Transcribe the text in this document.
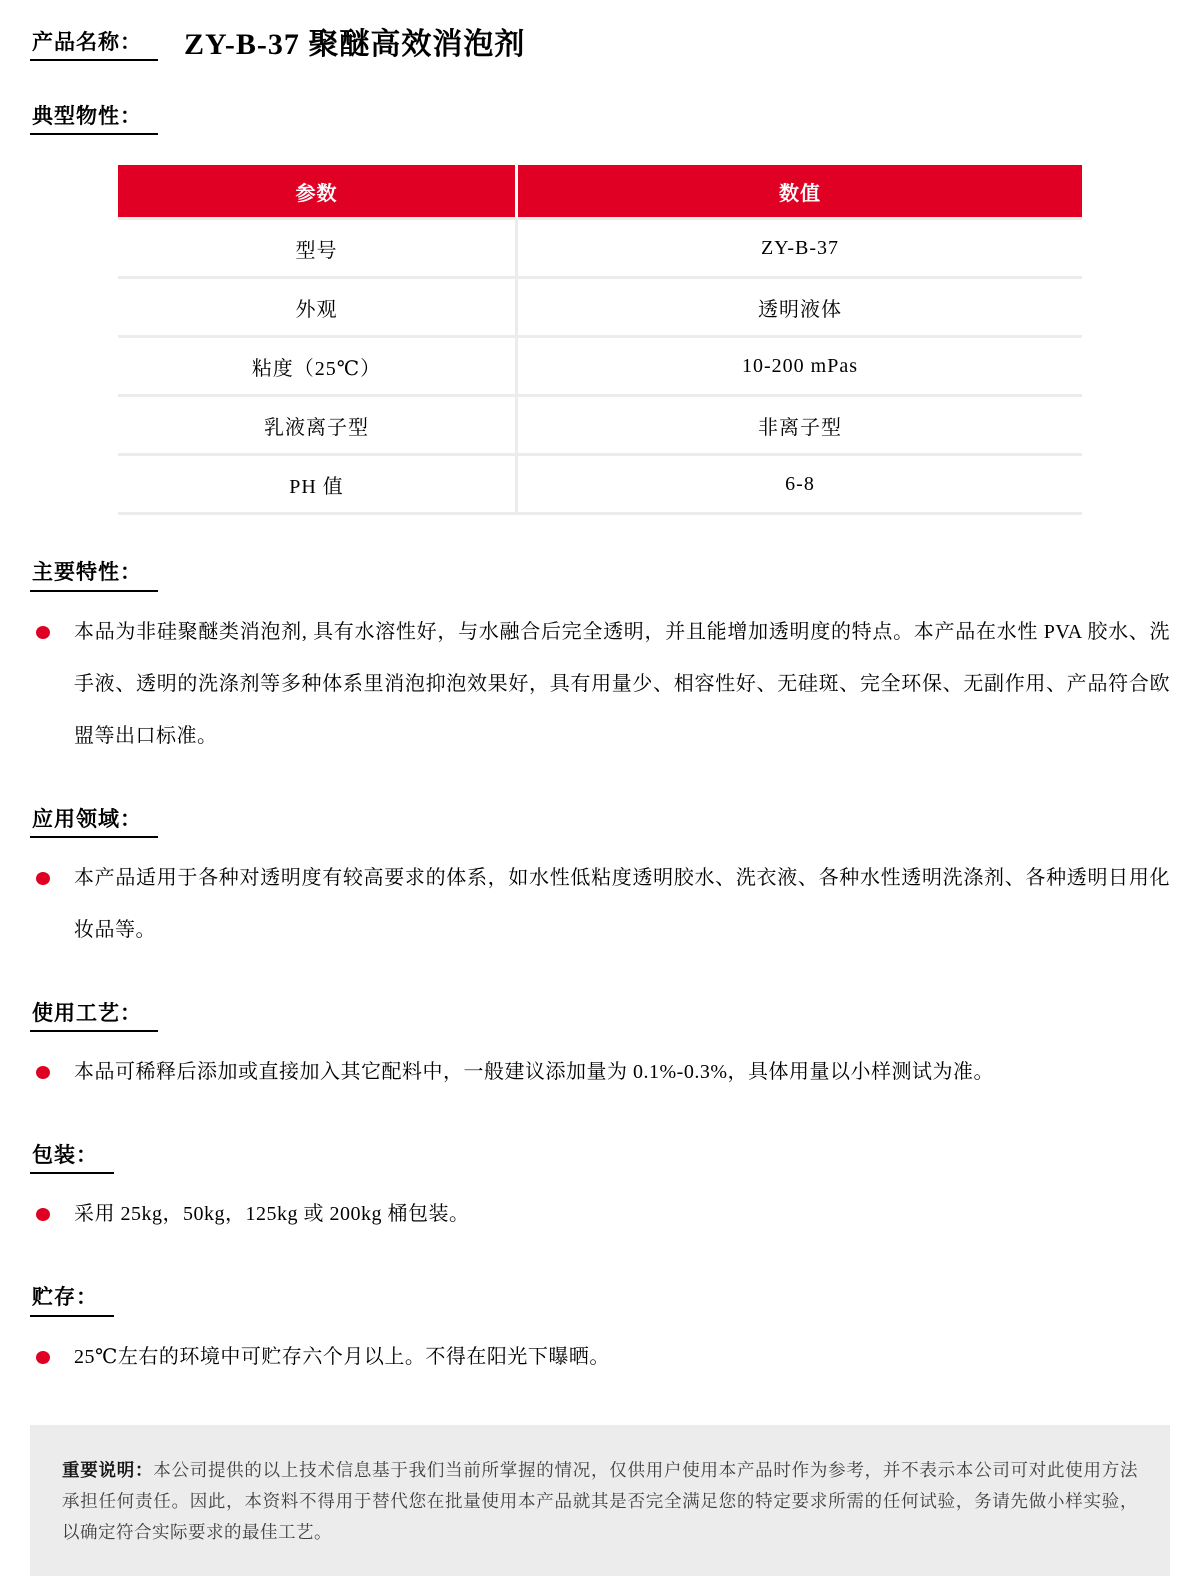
产品名称：	ZY-B-37 聚醚高效消泡剂
典型物性：
参数	数值
型号	ZY-B-37
外观	透明液体
粘度（25℃）	10-200 mPas
乳液离子型	非离子型
PH 值	6-8
主要特性：

本品为非硅聚醚类消泡剂, 具有水溶性好，与水融合后完全透明，并且能增加透明度的特点。本产品在水性 PVA 胶水、洗手液、透明的洗涤剂等多种体系里消泡抑泡效果好，具有用量少、相容性好、无硅斑、完全环保、无副作用、产品符合欧盟等出口标准。

应用领域：

本产品适用于各种对透明度有较高要求的体系，如水性低粘度透明胶水、洗衣液、各种水性透明洗涤剂、各种透明日用化妆品等。

使用工艺：

本品可稀释后添加或直接加入其它配料中，一般建议添加量为 0.1%-0.3%，具体用量以小样测试为准。

包装：

采用 25kg，50kg，125kg 或 200kg 桶包装。

贮存：

25℃左右的环境中可贮存六个月以上。不得在阳光下曝晒。

重要说明：本公司提供的以上技术信息基于我们当前所掌握的情况，仅供用户使用本产品时作为参考，并不表示本公司可对此使用方法承担任何责任。因此，本资料不得用于替代您在批量使用本产品就其是否完全满足您的特定要求所需的任何试验，务请先做小样实验，以确定符合实际要求的最佳工艺。
